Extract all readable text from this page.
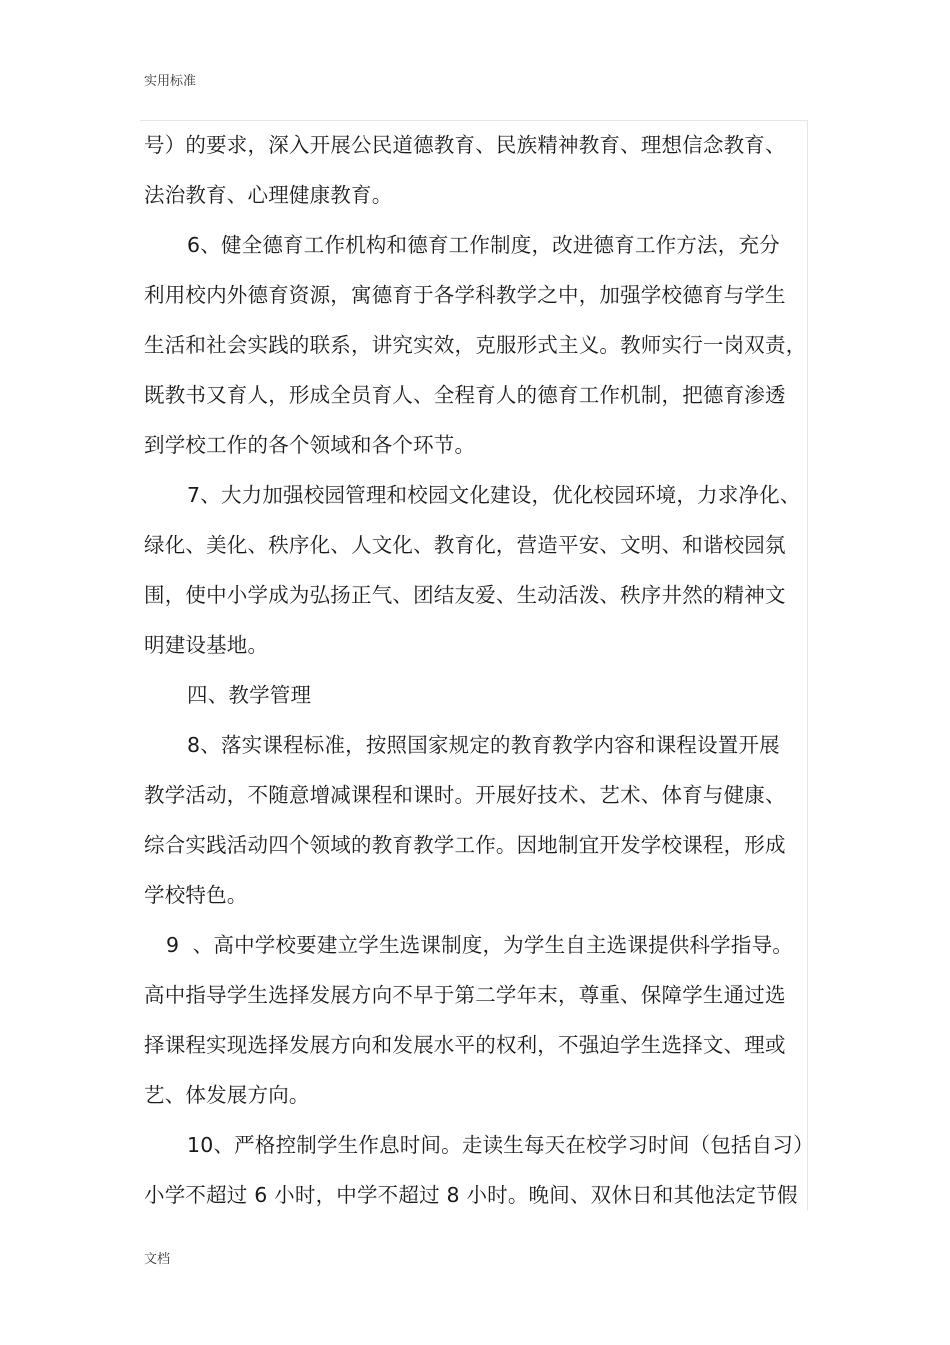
实用标准
号）的要求，深入开展公民道德教育、民族精神教育、理想信念教育、
法治教育、心理健康教育。
6、健全德育工作机构和德育工作制度，改进德育工作方法，充分
利用校内外德育资源，寓德育于各学科教学之中，加强学校德育与学生
生活和社会实践的联系，讲究实效，克服形式主义。教师实行一岗双责，
既教书又育人，形成全员育人、全程育人的德育工作机制，把德育渗透
到学校工作的各个领域和各个环节。
7、大力加强校园管理和校园文化建设，优化校园环境，力求净化、
绿化、美化、秩序化、人文化、教育化，营造平安、文明、和谐校园氛
围，使中小学成为弘扬正气、团结友爱、生动活泼、秩序井然的精神文
明建设基地。
四、教学管理
8、落实课程标准，按照国家规定的教育教学内容和课程设置开展
教学活动，不随意增减课程和课时。开展好技术、艺术、体育与健康、
综合实践活动四个领域的教育教学工作。因地制宜开发学校课程，形成
学校特色。
9  、高中学校要建立学生选课制度，为学生自主选课提供科学指导。
高中指导学生选择发展方向不早于第二学年末，尊重、保障学生通过选
择课程实现选择发展方向和发展水平的权利，不强迫学生选择文、理或
艺、体发展方向。
10、严格控制学生作息时间。走读生每天在校学习时间（包括自习）
小学不超过 6 小时，中学不超过 8 小时。晚间、双休日和其他法定节假
文档
